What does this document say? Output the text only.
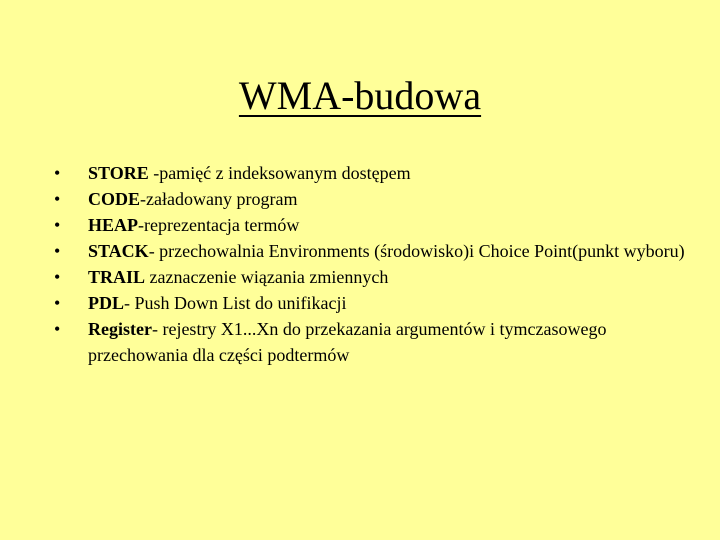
WMA-budowa
•	STORE -pamięć z indeksowanym dostępem
•	CODE-załadowany program
•	HEAP-reprezentacja termów
•	STACK- przechowalnia Environments (środowisko)i Choice Point(punkt wyboru)
•	TRAIL zaznaczenie wiązania zmiennych
•	PDL- Push Down List do unifikacji
•	Register- rejestry X1...Xn do przekazania argumentów i tymczasowego przechowania dla części podtermów
